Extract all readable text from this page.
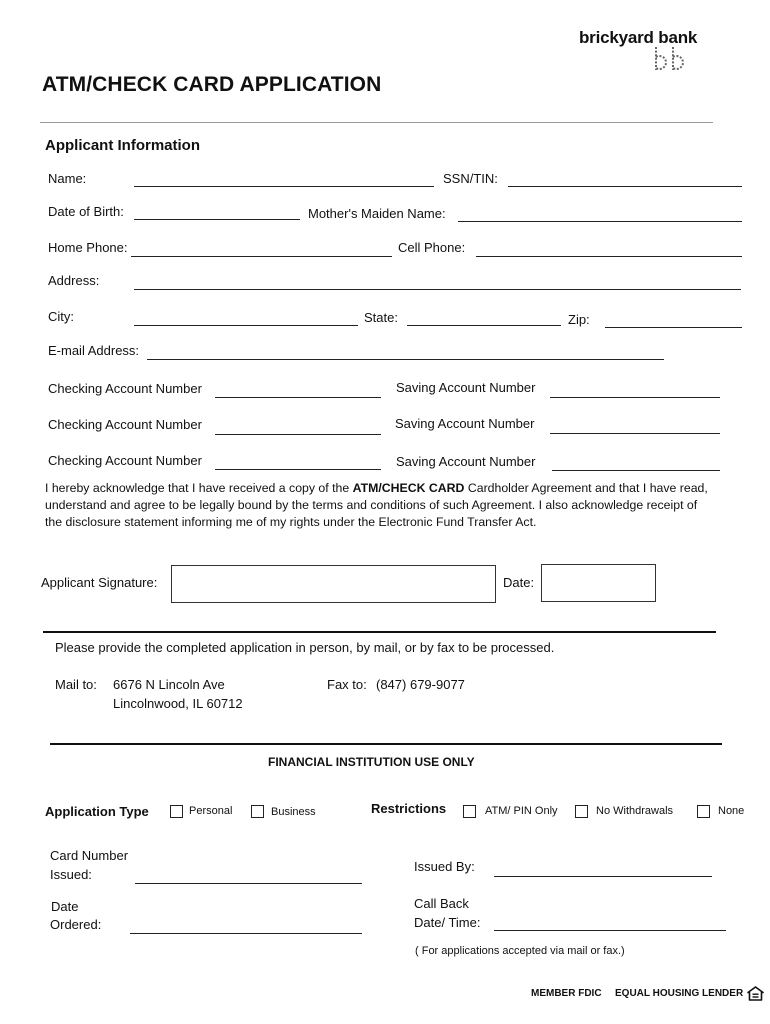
brickyard bank
ATM/CHECK CARD APPLICATION
Applicant Information
Name:	SSN/TIN:
Date of Birth:	Mother's Maiden Name:
Home Phone:	Cell Phone:
Address:
City:	State:	Zip:
E-mail Address:
Checking Account Number	Saving Account Number
Checking Account Number	Saving Account Number
Checking Account Number	Saving Account Number
I hereby acknowledge that I have received a copy of the ATM/CHECK CARD Cardholder Agreement and that I have read,
understand and agree to be legally bound by the terms and conditions of such Agreement. I also acknowledge receipt of
the disclosure statement informing me of my rights under the Electronic Fund Transfer Act.
Applicant Signature:	Date:
Please provide the completed application in person, by mail, or by fax to be processed.
Mail to: 6676 N Lincoln Ave
Lincolnwood, IL 60712
Fax to: (847) 679-9077
FINANCIAL INSTITUTION USE ONLY
Application Type	Personal	Business	Restrictions	ATM/ PIN Only	No Withdrawals	None
Card Number
Issued:
Issued By:
Date
Ordered:
Call Back
Date/ Time:
( For applications accepted via mail or fax.)
MEMBER FDIC EQUAL HOUSING LENDER
